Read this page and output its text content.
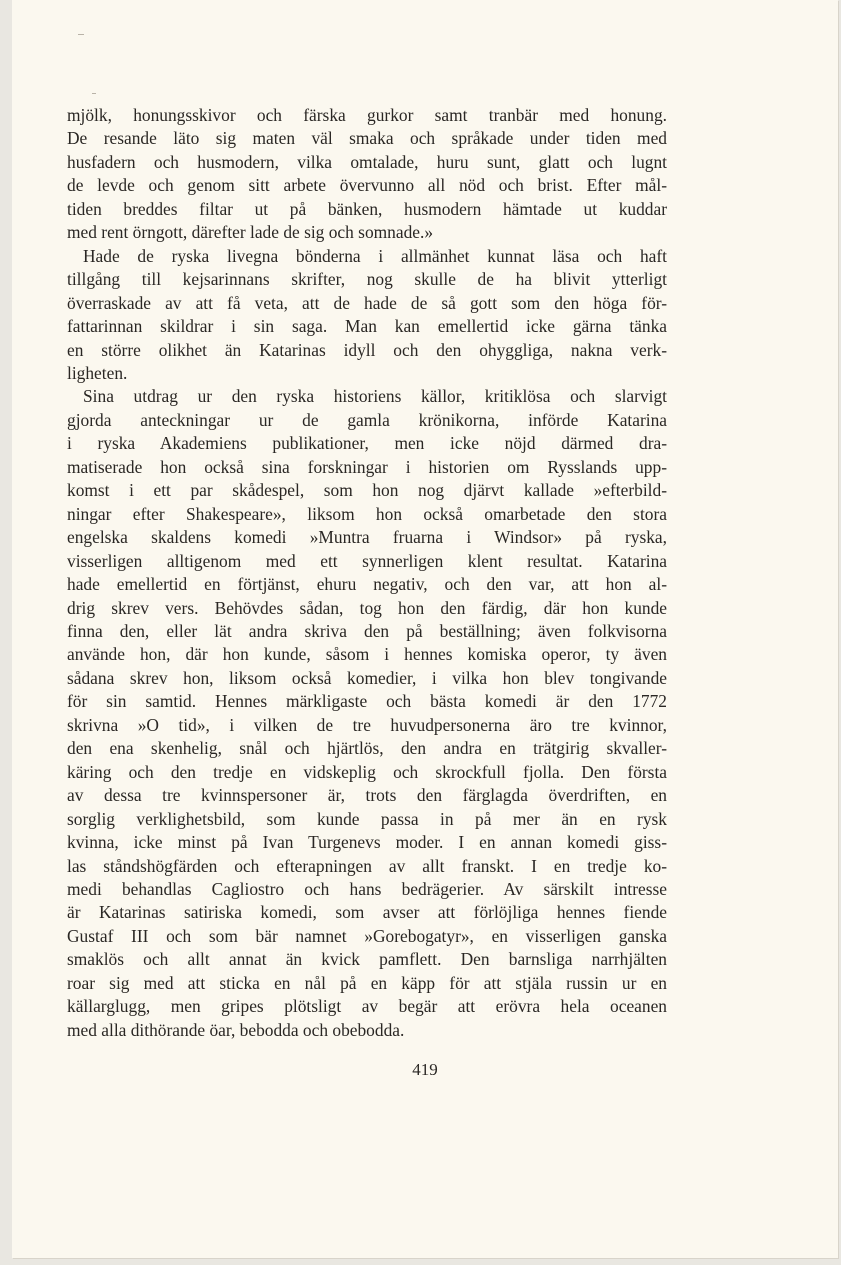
mjölk, honungsskivor och färska gurkor samt tranbär med honung.
De resande läto sig maten väl smaka och språkade under tiden med
husfadern och husmodern, vilka omtalade, huru sunt, glatt och lugnt
de levde och genom sitt arbete övervunno all nöd och brist. Efter mål-
tiden breddes filtar ut på bänken, husmodern hämtade ut kuddar
med rent örngott, därefter lade de sig och somnade.»
Hade de ryska livegna bönderna i allmänhet kunnat läsa och haft
tillgång till kejsarinnans skrifter, nog skulle de ha blivit ytterligt
överraskade av att få veta, att de hade de så gott som den höga för-
fattarinnan skildrar i sin saga. Man kan emellertid icke gärna tänka
en större olikhet än Katarinas idyll och den ohyggliga, nakna verk-
ligheten.
Sina utdrag ur den ryska historiens källor, kritiklösa och slarvigt
gjorda anteckningar ur de gamla krönikorna, införde Katarina
i ryska Akademiens publikationer, men icke nöjd därmed dra-
matiserade hon också sina forskningar i historien om Rysslands upp-
komst i ett par skådespel, som hon nog djärvt kallade »efterbild-
ningar efter Shakespeare», liksom hon också omarbetade den stora
engelska skaldens komedi »Muntra fruarna i Windsor» på ryska,
visserligen alltigenom med ett synnerligen klent resultat. Katarina
hade emellertid en förtjänst, ehuru negativ, och den var, att hon al-
drig skrev vers. Behövdes sådan, tog hon den färdig, där hon kunde
finna den, eller lät andra skriva den på beställning; även folkvisorna
använde hon, där hon kunde, såsom i hennes komiska operor, ty även
sådana skrev hon, liksom också komedier, i vilka hon blev tongivande
för sin samtid. Hennes märkligaste och bästa komedi är den 1772
skrivna »O tid», i vilken de tre huvudpersonerna äro tre kvinnor,
den ena skenhelig, snål och hjärtlös, den andra en trätgirig skvaller-
käring och den tredje en vidskeplig och skrockfull fjolla. Den första
av dessa tre kvinnspersoner är, trots den färglagda överdriften, en
sorglig verklighetsbild, som kunde passa in på mer än en rysk
kvinna, icke minst på Ivan Turgenevs moder. I en annan komedi giss-
las ståndshögfärden och efterapningen av allt franskt. I en tredje ko-
medi behandlas Cagliostro och hans bedrägerier. Av särskilt intresse
är Katarinas satiriska komedi, som avser att förlöjliga hennes fiende
Gustaf III och som bär namnet »Gorebogatyr», en visserligen ganska
smaklös och allt annat än kvick pamflett. Den barnsliga narrhjälten
roar sig med att sticka en nål på en käpp för att stjäla russin ur en
källarglugg, men gripes plötsligt av begär att erövra hela oceanen
med alla dithörande öar, bebodda och obebodda.
419
